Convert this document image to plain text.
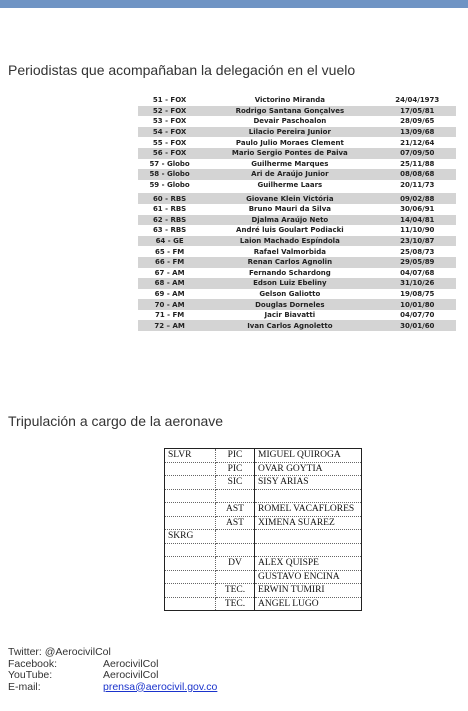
Periodistas que acompañaban la delegación en el vuelo
51 - FOX	Victorino Miranda	24/04/1973
52 - FOX	Rodrigo Santana Gonçalves	17/05/81
53 - FOX	Devair Paschoalon	28/09/65
54 - FOX	Lilacio Pereira Junior	13/09/68
55 - FOX	Paulo Julio Moraes Clement	21/12/64
56 - FOX	Mario Sergio Pontes de Paiva	07/09/50
57 - Globo	Guilherme Marques	25/11/88
58 - Globo	Ari de Araújo Junior	08/08/68
59 - Globo	Guilherme Laars	20/11/73
60 - RBS	Giovane Klein Victória	09/02/88
61 - RBS	Bruno Mauri da Silva	30/06/91
62 - RBS	Djalma Araújo Neto	14/04/81
63 - RBS	André luis Goulart Podiacki	11/10/90
64 - GE	Laion Machado Espíndola	23/10/87
65 - FM	Rafael Valmorbida	25/08/73
66 - FM	Renan Carlos Agnolin	29/05/89
67 - AM	Fernando Schardong	04/07/68
68 - AM	Edson Luiz Ebeliny	31/10/26
69 - AM	Gelson Galiotto	19/08/75
70 - AM	Douglas Dorneles	10/01/80
71 - FM	Jacir Biavatti	04/07/70
72 – AM	Ivan Carlos Agnoletto	30/01/60
Tripulación a cargo de la aeronave
SLVR	PIC	MIGUEL QUIROGA
	PIC	OVAR GOYTIA
	SIC	SISY ARIAS

	AST	ROMEL VACAFLORES
	AST	XIMENA SUAREZ
SKRG		

	DV	ALEX QUISPE
		GUSTAVO ENCINA
	TEC.	ERWIN TUMIRI
	TEC.	ANGEL LUGO
Twitter: @AerocivilCol
Facebook:	AerocivilCol
YouTube:	AerocivilCol
E-mail:	prensa@aerocivil.gov.co
